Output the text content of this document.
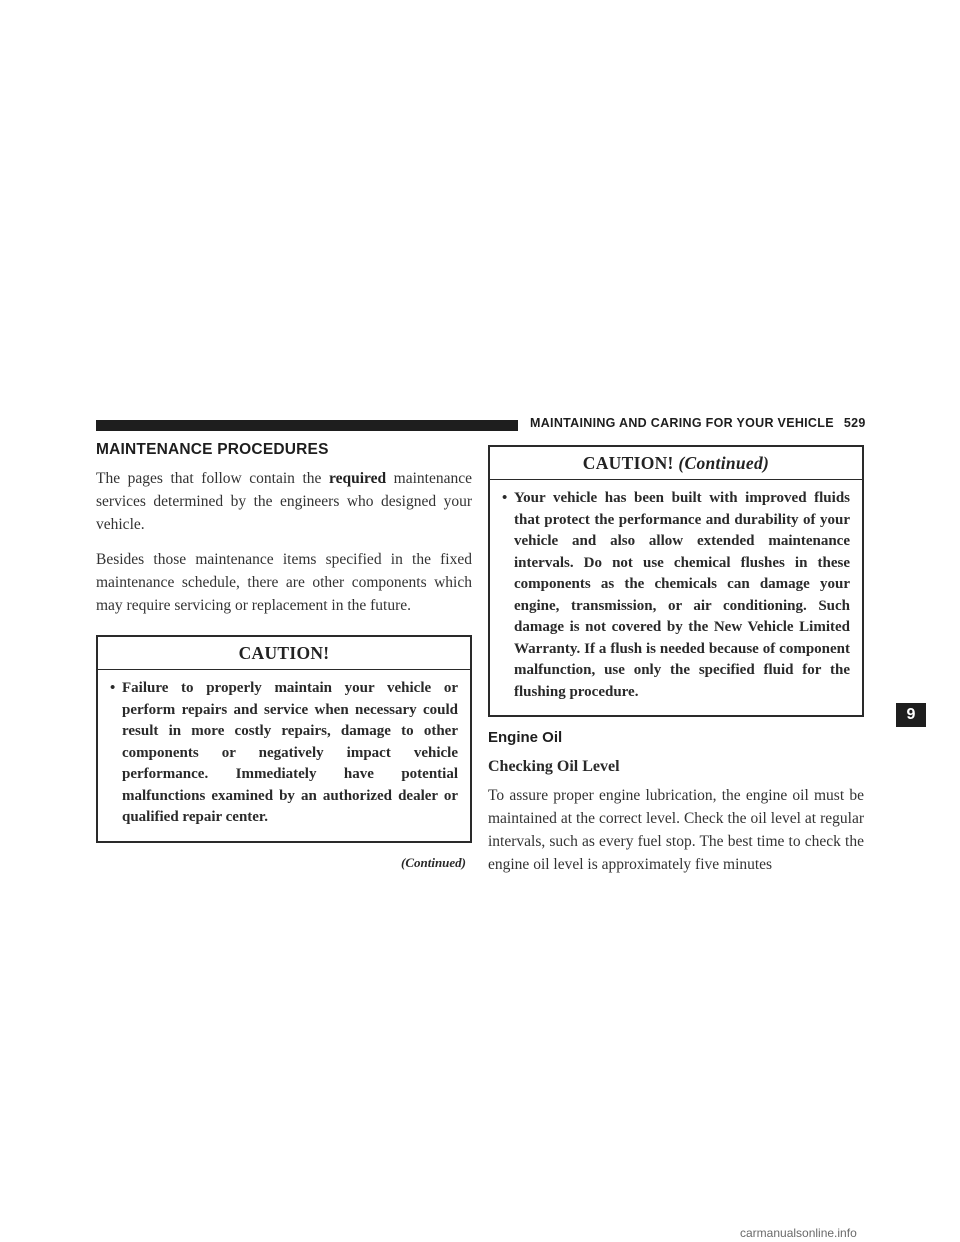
MAINTAINING AND CARING FOR YOUR VEHICLE 529
MAINTENANCE PROCEDURES

The pages that follow contain the required maintenance services determined by the engineers who designed your vehicle.

Besides those maintenance items specified in the fixed maintenance schedule, there are other components which may require servicing or replacement in the future.

CAUTION!
• Failure to properly maintain your vehicle or perform repairs and service when necessary could result in more costly repairs, damage to other components or negatively impact vehicle performance. Immediately have potential malfunctions examined by an authorized dealer or qualified repair center.
(Continued)
CAUTION! (Continued)
• Your vehicle has been built with improved fluids that protect the performance and durability of your vehicle and also allow extended maintenance intervals. Do not use chemical flushes in these components as the chemicals can damage your engine, transmission, or air conditioning. Such damage is not covered by the New Vehicle Limited Warranty. If a flush is needed because of component malfunction, use only the specified fluid for the flushing procedure.
Engine Oil
Checking Oil Level

To assure proper engine lubrication, the engine oil must be maintained at the correct level. Check the oil level at regular intervals, such as every fuel stop. The best time to check the engine oil level is approximately five minutes

9
carmanualsonline.info
